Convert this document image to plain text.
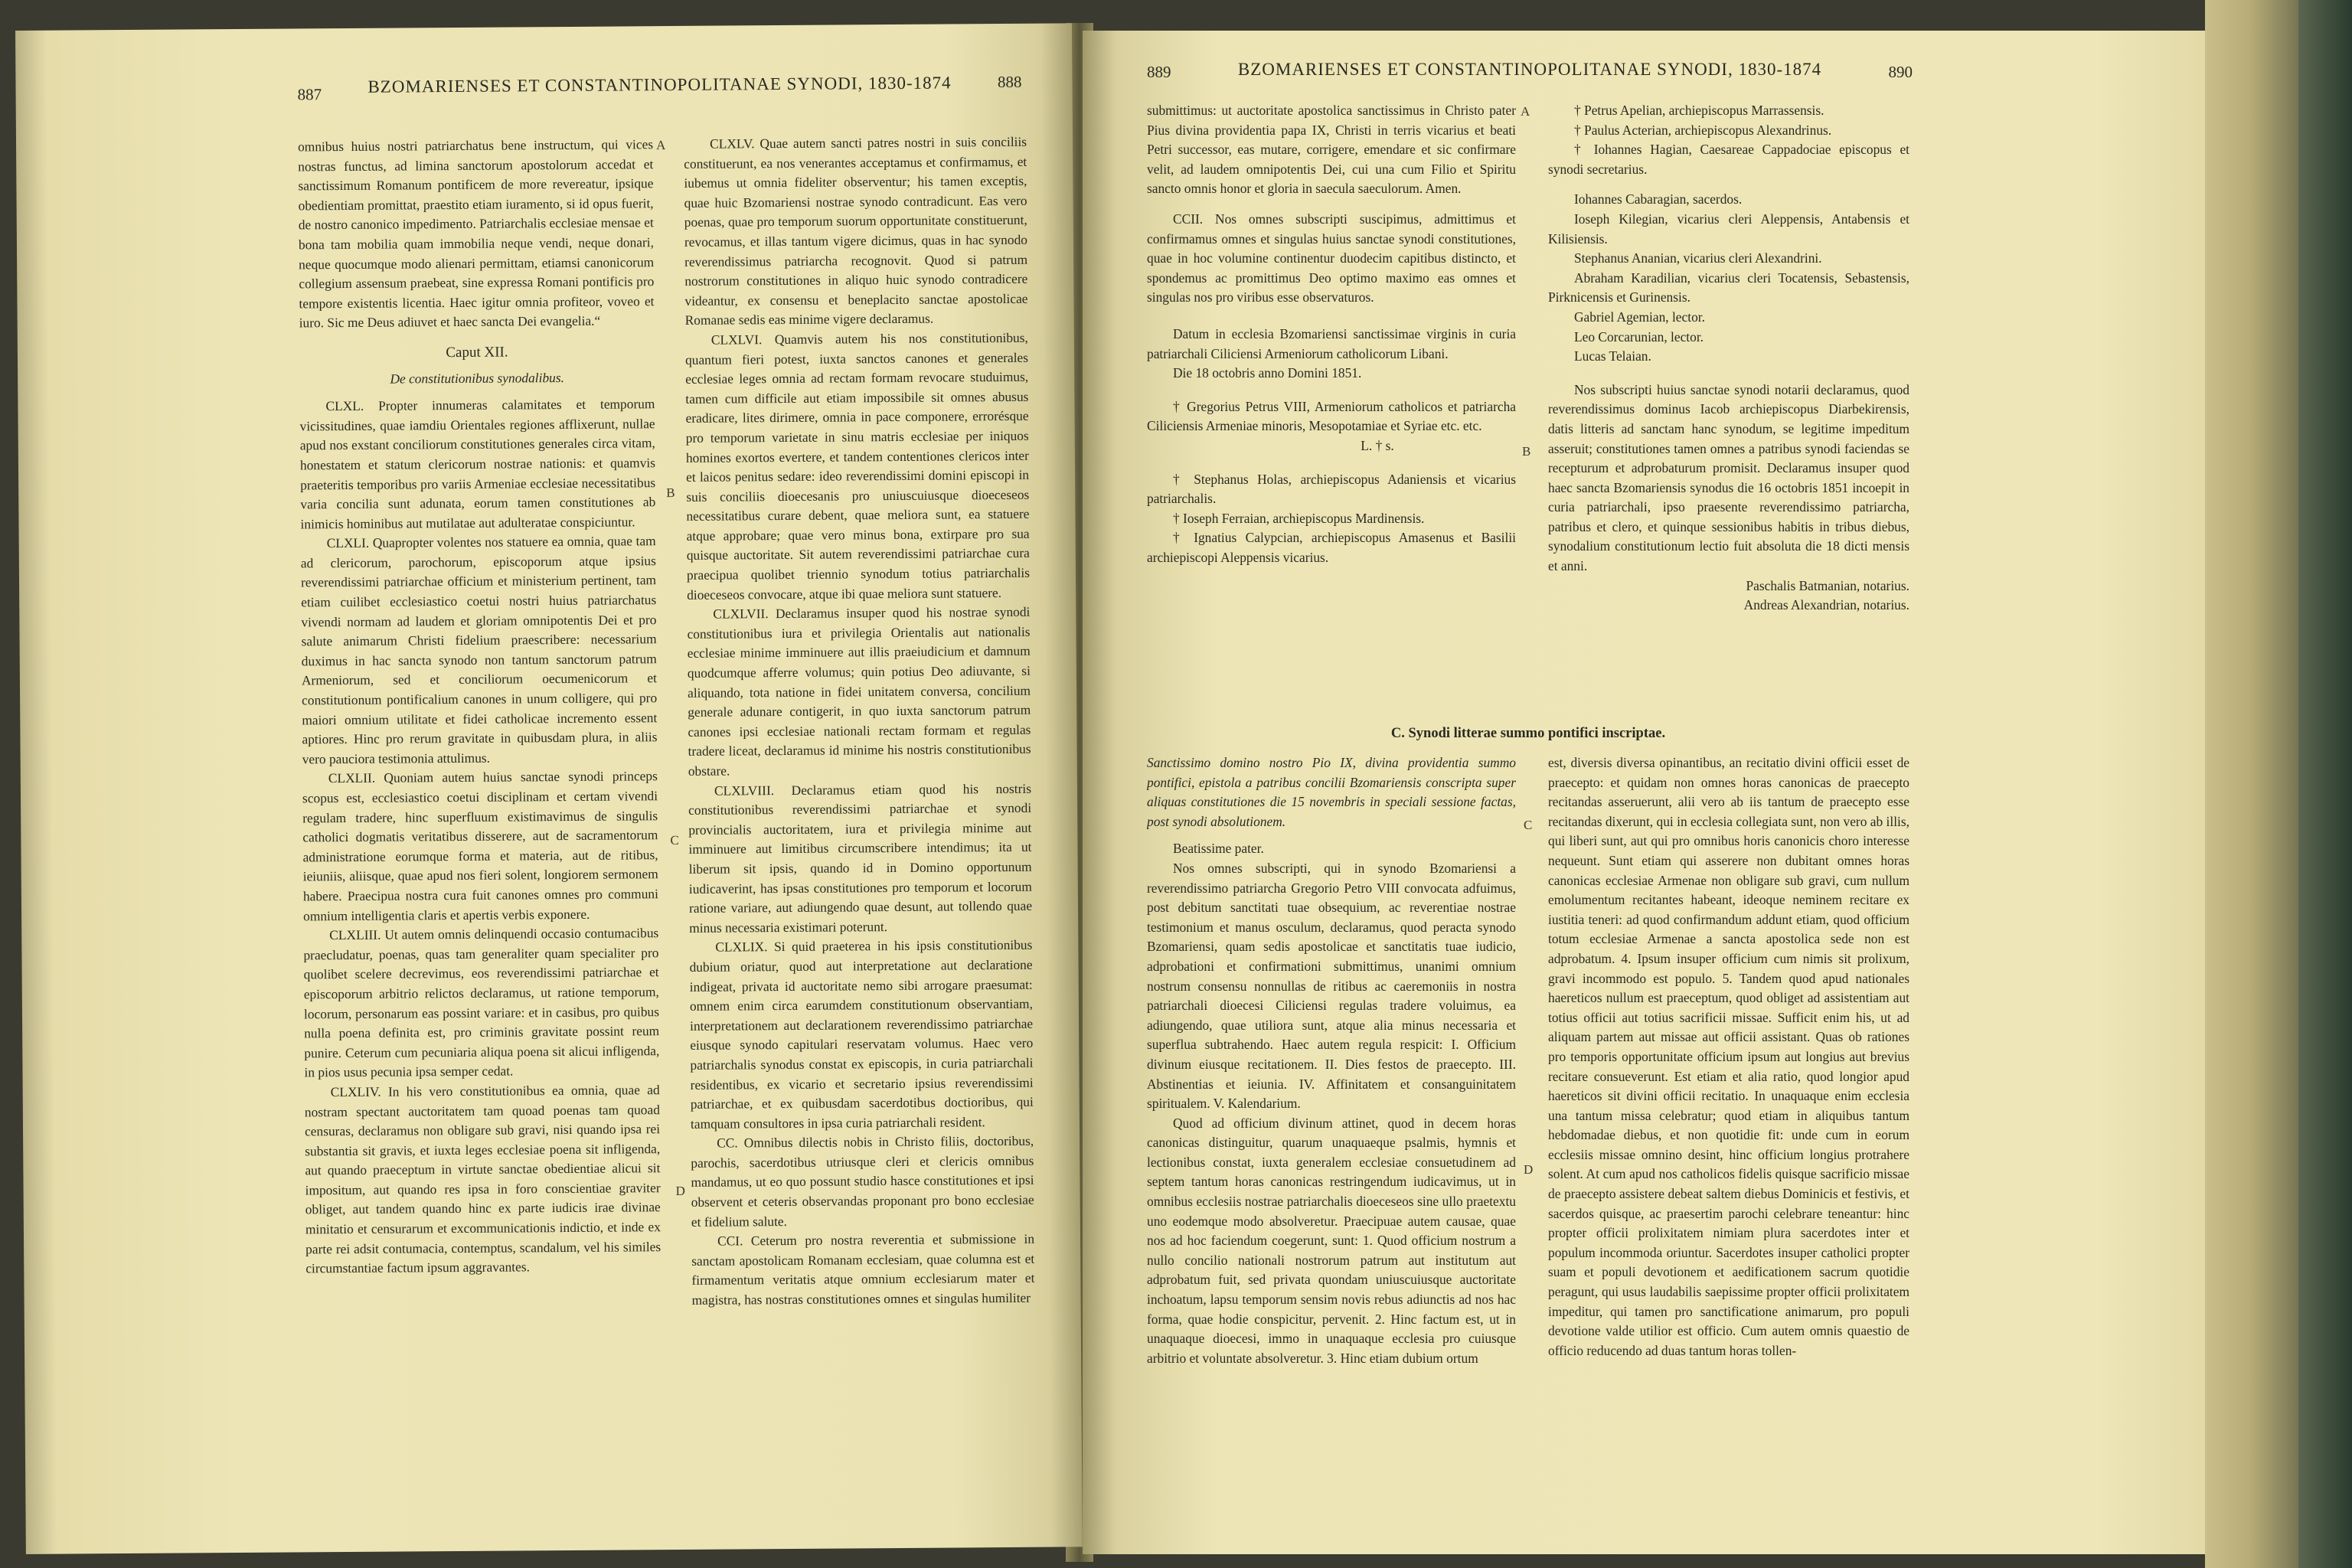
887	BZOMARIENSES ET CONSTANTINOPOLITANAE SYNODI, 1830-1874	888

omnibus huius nostri patriarchatus bene instructum, qui vices nostras functus, ad limina sanctorum apostolorum accedat et sanctissimum Romanum pontificem de more revereatur, ipsique obedientiam promittat, praestito etiam iuramento, si id opus fuerit, de nostro canonico impedimento. Patriarchalis ecclesiae mensae et bona tam mobilia quam immobilia neque vendi, neque donari, neque quocumque modo alienari permittam, etiamsi canonicorum collegium assensum praebeat, sine expressa Romani pontificis pro tempore existentis licentia. Haec igitur omnia profiteor, voveo et iuro. Sic me Deus adiuvet et haec sancta Dei evangelia.“

Caput XII.

De constitutionibus synodalibus.

CLXL. Propter innumeras calamitates et temporum vicissitudines, quae iamdiu Orientales regiones afflixerunt, nullae apud nos exstant conciliorum constitutiones generales circa vitam, honestatem et statum clericorum nostrae nationis: et quamvis praeteritis temporibus pro variis Armeniae ecclesiae necessitatibus varia concilia sunt adunata, eorum tamen constitutiones ab inimicis hominibus aut mutilatae aut adulteratae conspiciuntur.

CLXLI. Quapropter volentes nos statuere ea omnia, quae tam ad clericorum, parochorum, episcoporum atque ipsius reverendissimi patriarchae officium et ministerium pertinent, tam etiam cuilibet ecclesiastico coetui nostri huius patriarchatus vivendi normam ad laudem et gloriam omnipotentis Dei et pro salute animarum Christi fidelium praescribere: necessarium duximus in hac sancta synodo non tantum sanctorum patrum Armeniorum, sed et conciliorum oecumenicorum et constitutionum pontificalium canones in unum colligere, qui pro maiori omnium utilitate et fidei catholicae incremento essent aptiores. Hinc pro rerum gravitate in quibusdam plura, in aliis vero pauciora testimonia attulimus.

CLXLII. Quoniam autem huius sanctae synodi princeps scopus est, ecclesiastico coetui disciplinam et certam vivendi regulam tradere, hinc superfluum existimavimus de singulis catholici dogmatis veritatibus disserere, aut de sacramentorum administratione eorumque forma et materia, aut de ritibus, ieiuniis, aliisque, quae apud nos fieri solent, longiorem sermonem habere. Praecipua nostra cura fuit canones omnes pro communi omnium intelligentia claris et apertis verbis exponere.

CLXLIII. Ut autem omnis delinquendi occasio contumacibus praecludatur, poenas, quas tam generaliter quam specialiter pro quolibet scelere decrevimus, eos reverendissimi patriarchae et episcoporum arbitrio relictos declaramus, ut ratione temporum, locorum, personarum eas possint variare: et in casibus, pro quibus nulla poena definita est, pro criminis gravitate possint reum punire. Ceterum cum pecuniaria aliqua poena sit alicui infligenda, in pios usus pecunia ipsa semper cedat.

CLXLIV. In his vero constitutionibus ea omnia, quae ad nostram spectant auctoritatem tam quoad poenas tam quoad censuras, declaramus non obligare sub gravi, nisi quando ipsa rei substantia sit gravis, et iuxta leges ecclesiae poena sit infligenda, aut quando praeceptum in virtute sanctae obedientiae alicui sit impositum, aut quando res ipsa in foro conscientiae graviter obliget, aut tandem quando hinc ex parte iudicis irae divinae minitatio et censurarum et excommunicationis indictio, et inde ex parte rei adsit contumacia, contemptus, scandalum, vel his similes circumstantiae factum ipsum aggravantes.

CLXLV. Quae autem sancti patres nostri in suis conciliis constituerunt, ea nos venerantes acceptamus et confirmamus, et iubemus ut omnia fideliter observentur; his tamen exceptis, quae huic Bzomariensi nostrae synodo contradicunt. Eas vero poenas, quae pro temporum suorum opportunitate constituerunt, revocamus, et illas tantum vigere dicimus, quas in hac synodo reverendissimus patriarcha recognovit. Quod si patrum nostrorum constitutiones in aliquo huic synodo contradicere videantur, ex consensu et beneplacito sanctae apostolicae Romanae sedis eas minime vigere declaramus.

CLXLVI. Quamvis autem his nos constitutionibus, quantum fieri potest, iuxta sanctos canones et generales ecclesiae leges omnia ad rectam formam revocare studuimus, tamen cum difficile aut etiam impossibile sit omnes abusus eradicare, lites dirimere, omnia in pace componere, errorésque pro temporum varietate in sinu matris ecclesiae per iniquos homines exortos evertere, et tandem contentiones clericos inter et laicos penitus sedare: ideo reverendissimi domini episcopi in suis conciliis dioecesanis pro uniuscuiusque dioeceseos necessitatibus curare debent, quae meliora sunt, ea statuere atque approbare; quae vero minus bona, extirpare pro sua quisque auctoritate. Sit autem reverendissimi patriarchae cura praecipua quolibet triennio synodum totius patriarchalis dioeceseos convocare, atque ibi quae meliora sunt statuere.

CLXLVII. Declaramus insuper quod his nostrae synodi constitutionibus iura et privilegia Orientalis aut nationalis ecclesiae minime imminuere aut illis praeiudicium et damnum quodcumque afferre volumus; quin potius Deo adiuvante, si aliquando, tota natione in fidei unitatem conversa, concilium generale adunare contigerit, in quo iuxta sanctorum patrum canones ipsi ecclesiae nationali rectam formam et regulas tradere liceat, declaramus id minime his nostris constitutionibus obstare.

CLXLVIII. Declaramus etiam quod his nostris constitutionibus reverendissimi patriarchae et synodi provincialis auctoritatem, iura et privilegia minime aut imminuere aut limitibus circumscribere intendimus; ita ut liberum sit ipsis, quando id in Domino opportunum iudicaverint, has ipsas constitutiones pro temporum et locorum ratione variare, aut adiungendo quae desunt, aut tollendo quae minus necessaria existimari poterunt.

CLXLIX. Si quid praeterea in his ipsis constitutionibus dubium oriatur, quod aut interpretatione aut declaratione indigeat, privata id auctoritate nemo sibi arrogare praesumat: omnem enim circa earumdem constitutionum observantiam, interpretationem aut declarationem reverendissimo patriarchae eiusque synodo capitulari reservatam volumus. Haec vero patriarchalis synodus constat ex episcopis, in curia patriarchali residentibus, ex vicario et secretario ipsius reverendissimi patriarchae, et ex quibusdam sacerdotibus doctioribus, qui tamquam consultores in ipsa curia patriarchali resident.

CC. Omnibus dilectis nobis in Christo filiis, doctoribus, parochis, sacerdotibus utriusque cleri et clericis omnibus mandamus, ut eo quo possunt studio hasce constitutiones et ipsi observent et ceteris observandas proponant pro bono ecclesiae et fidelium salute.

CCI. Ceterum pro nostra reverentia et submissione in sanctam apostolicam Romanam ecclesiam, quae columna est et firmamentum veritatis atque omnium ecclesiarum mater et magistra, has nostras constitutiones omnes et singulas humiliter

A
B
C
D
889	BZOMARIENSES ET CONSTANTINOPOLITANAE SYNODI, 1830-1874	890

submittimus: ut auctoritate apostolica sanctissimus in Christo pater Pius divina providentia papa IX, Christi in terris vicarius et beati Petri successor, eas mutare, corrigere, emendare et sic confirmare velit, ad laudem omnipotentis Dei, cui una cum Filio et Spiritu sancto omnis honor et gloria in saecula saeculorum. Amen.

CCII. Nos omnes subscripti suscipimus, admittimus et confirmamus omnes et singulas huius sanctae synodi constitutiones, quae in hoc volumine continentur duodecim capitibus distincto, et spondemus ac promittimus Deo optimo maximo eas omnes et singulas nos pro viribus esse observaturos.

Datum in ecclesia Bzomariensi sanctissimae virginis in curia patriarchali Ciliciensi Armeniorum catholicorum Libani.

Die 18 octobris anno Domini 1851.

† Gregorius Petrus VIII, Armeniorum catholicos et patriarcha Ciliciensis Armeniae minoris, Mesopotamiae et Syriae etc. etc.

L. † s.

† Stephanus Holas, archiepiscopus Adaniensis et vicarius patriarchalis.

† Ioseph Ferraian, archiepiscopus Mardinensis.

† Ignatius Calypcian, archiepiscopus Amasenus et Basilii archiepiscopi Aleppensis vicarius.

† Petrus Apelian, archiepiscopus Marrassensis.

† Paulus Acterian, archiepiscopus Alexandrinus.

† Iohannes Hagian, Caesareae Cappadociae episcopus et synodi secretarius.

Iohannes Cabaragian, sacerdos.

Ioseph Kilegian, vicarius cleri Aleppensis, Antabensis et Kilisiensis.

Stephanus Ananian, vicarius cleri Alexandrini.

Abraham Karadilian, vicarius cleri Tocatensis, Sebastensis, Pirknicensis et Gurinensis.

Gabriel Agemian, lector.

Leo Corcarunian, lector.

Lucas Telaian.

Nos subscripti huius sanctae synodi notarii declaramus, quod reverendissimus dominus Iacob archiepiscopus Diarbekirensis, datis litteris ad sanctam hanc synodum, se legitime impeditum asseruit; constitutiones tamen omnes a patribus synodi faciendas se recepturum et adprobaturum promisit. Declaramus insuper quod haec sancta Bzomariensis synodus die 16 octobris 1851 incoepit in curia patriarchali, ipso praesente reverendissimo patriarcha, patribus et clero, et quinque sessionibus habitis in tribus diebus, synodalium constitutionum lectio fuit absoluta die 18 dicti mensis et anni.

Paschalis Batmanian, notarius.

Andreas Alexandrian, notarius.

C. Synodi litterae summo pontifici inscriptae.

Sanctissimo domino nostro Pio IX, divina providentia summo pontifici, epistola a patribus concilii Bzomariensis conscripta super aliquas constitutiones die 15 novembris in speciali sessione factas, post synodi absolutionem.

Beatissime pater.

Nos omnes subscripti, qui in synodo Bzomariensi a reverendissimo patriarcha Gregorio Petro VIII convocata adfuimus, post debitum sanctitati tuae obsequium, ac reverentiae nostrae testimonium et manus osculum, declaramus, quod peracta synodo Bzomariensi, quam sedis apostolicae et sanctitatis tuae iudicio, adprobationi et confirmationi submittimus, unanimi omnium nostrum consensu nonnullas de ritibus ac caeremoniis in nostra patriarchali dioecesi Ciliciensi regulas tradere voluimus, ea adiungendo, quae utiliora sunt, atque alia minus necessaria et superflua subtrahendo. Haec autem regula respicit: I. Officium divinum eiusque recitationem. II. Dies festos de praecepto. III. Abstinentias et ieiunia. IV. Affinitatem et consanguinitatem spiritualem. V. Kalendarium.

Quod ad officium divinum attinet, quod in decem horas canonicas distinguitur, quarum unaquaeque psalmis, hymnis et lectionibus constat, iuxta generalem ecclesiae consuetudinem ad septem tantum horas canonicas restringendum iudicavimus, ut in omnibus ecclesiis nostrae patriarchalis dioeceseos sine ullo praetextu uno eodemque modo absolveretur. Praecipuae autem causae, quae nos ad hoc faciendum coegerunt, sunt: 1. Quod officium nostrum a nullo concilio nationali nostrorum patrum aut institutum aut adprobatum fuit, sed privata quondam uniuscuiusque auctoritate inchoatum, lapsu temporum sensim novis rebus adiunctis ad nos hac forma, quae hodie conspicitur, pervenit. 2. Hinc factum est, ut in unaquaque dioecesi, immo in unaquaque ecclesia pro cuiusque arbitrio et voluntate absolveretur. 3. Hinc etiam dubium ortum

est, diversis diversa opinantibus, an recitatio divini officii esset de praecepto: et quidam non omnes horas canonicas de praecepto recitandas asseruerunt, alii vero ab iis tantum de praecepto esse recitandas dixerunt, qui in ecclesia collegiata sunt, non vero ab illis, qui liberi sunt, aut qui pro omnibus horis canonicis choro interesse nequeunt. Sunt etiam qui asserere non dubitant omnes horas canonicas ecclesiae Armenae non obligare sub gravi, cum nullum emolumentum recitantes habeant, ideoque neminem recitare ex iustitia teneri: ad quod confirmandum addunt etiam, quod officium totum ecclesiae Armenae a sancta apostolica sede non est adprobatum. 4. Ipsum insuper officium cum nimis sit prolixum, gravi incommodo est populo. 5. Tandem quod apud nationales haereticos nullum est praeceptum, quod obliget ad assistentiam aut totius officii aut totius sacrificii missae. Sufficit enim his, ut ad aliquam partem aut missae aut officii assistant. Quas ob rationes pro temporis opportunitate officium ipsum aut longius aut brevius recitare consueverunt. Est etiam et alia ratio, quod longior apud haereticos sit divini officii recitatio. In unaquaque enim ecclesia una tantum missa celebratur; quod etiam in aliquibus tantum hebdomadae diebus, et non quotidie fit: unde cum in eorum ecclesiis missae omnino desint, hinc officium longius protrahere solent. At cum apud nos catholicos fidelis quisque sacrificio missae de praecepto assistere debeat saltem diebus Dominicis et festivis, et sacerdos quisque, ac praesertim parochi celebrare teneantur: hinc propter officii prolixitatem nimiam plura sacerdotes inter et populum incommoda oriuntur. Sacerdotes insuper catholici propter suam et populi devotionem et aedificationem sacrum quotidie peragunt, qui usus laudabilis saepissime propter officii prolixitatem impeditur, qui tamen pro sanctificatione animarum, pro populi devotione valde utilior est officio. Cum autem omnis quaestio de officio reducendo ad duas tantum horas tollen-

A
B
C
D
